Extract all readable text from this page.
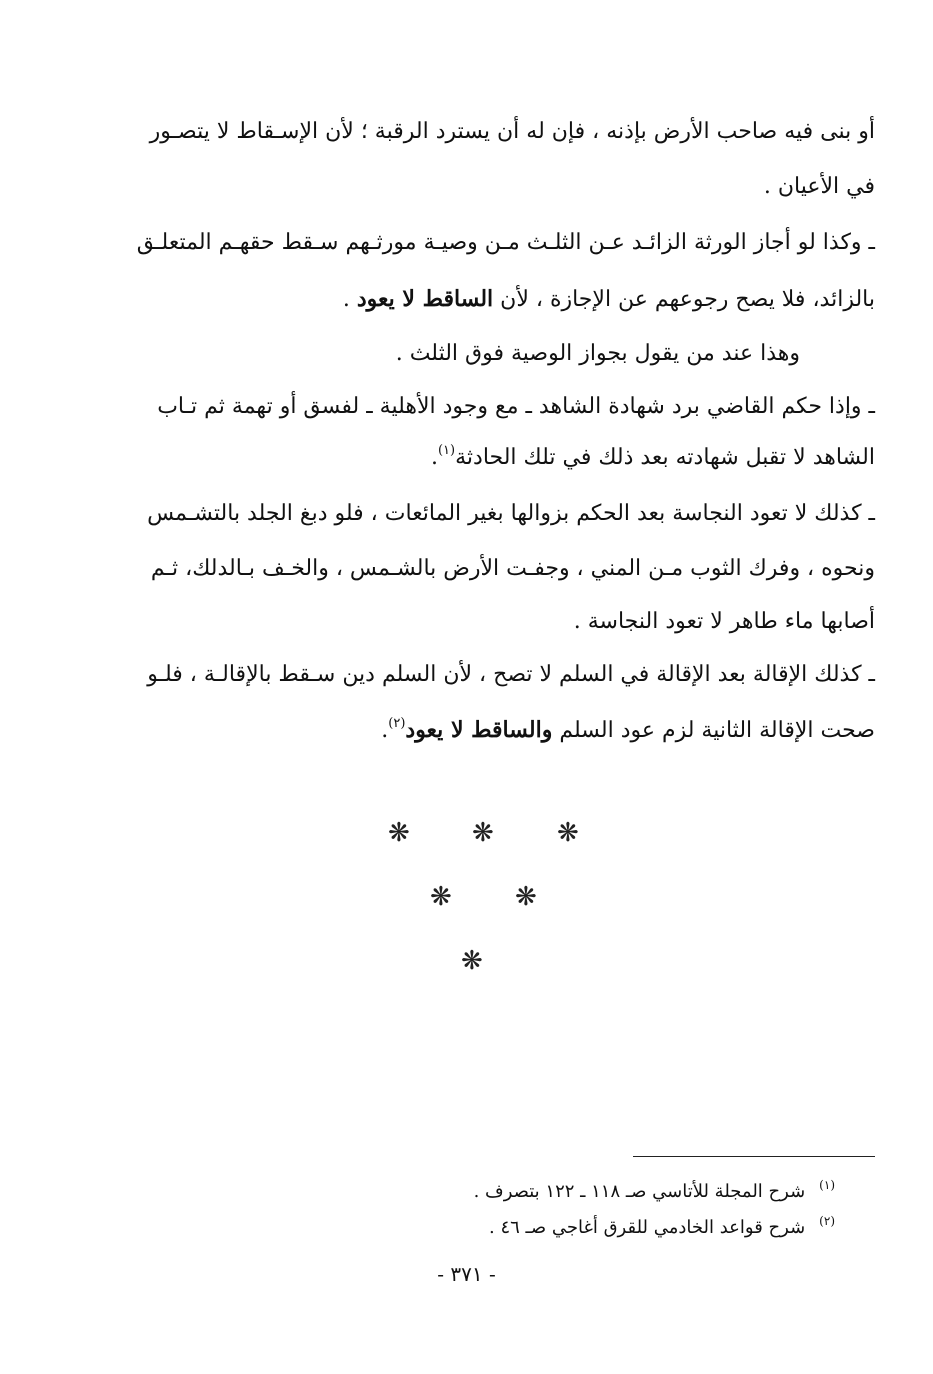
أو بنى فيه صاحب الأرض بإذنه ، فإن له أن يسترد الرقبة ؛ لأن الإسـقاط لا يتصـور
في الأعيان .
ـ وكذا لو أجاز الورثة الزائـد عـن الثلـث مـن وصيـة مورثـهم سـقط حقهـم المتعلـق
بالزائد، فلا يصح رجوعهم عن الإجازة ، لأن الساقط لا يعود .
وهذا عند من يقول بجواز الوصية فوق الثلث .
ـ وإذا حكم القاضي برد شهادة الشاهد ـ مع وجود الأهلية ـ لفسق أو تهمة ثم تـاب
الشاهد لا تقبل شهادته بعد ذلك في تلك الحادثة$^{(١)}$.
ـ كذلك لا تعود النجاسة بعد الحكم بزوالها بغير المائعات ، فلو دبغ الجلد بالتشـمس
ونحوه ، وفرك الثوب مـن المني ، وجفـت الأرض بالشـمس ، والخـف بـالدلك، ثـم
أصابها ماء طاهر لا تعود النجاسة .
ـ كذلك الإقالة بعد الإقالة في السلم لا تصح ، لأن السلم دين سـقط بالإقالـة ، فلـو
صحت الإقالة الثانية لزم عود السلم والساقط لا يعود$^{(٢)}$.
❋ ❋ ❋
❋ ❋
❋
$^{(١)}$شرح المجلة للأتاسي صـ ١١٨ ـ ١٢٢ بتصرف .
$^{(٢)}$شرح قواعد الخادمي للقرق أغاجي صـ ٤٦ .
- ٣٧١ -
